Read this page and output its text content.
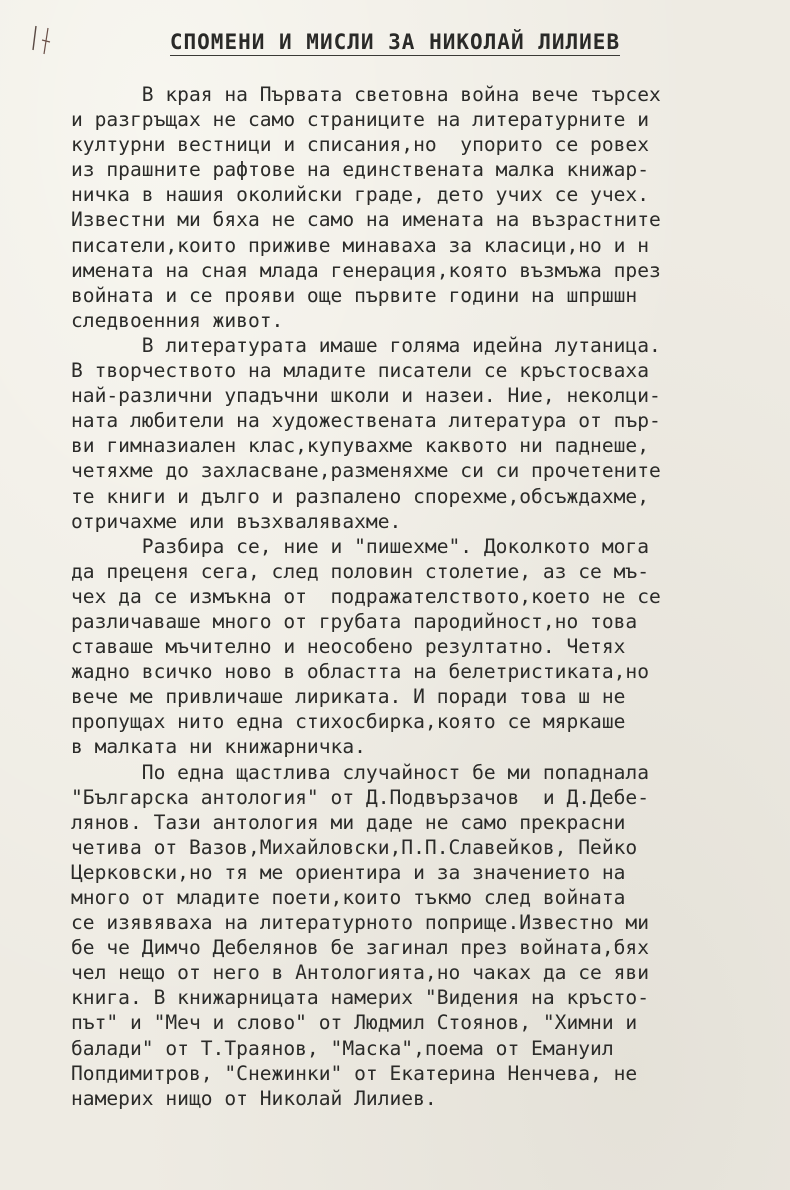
СПОМЕНИ И МИСЛИ ЗА НИКОЛАЙ ЛИЛИЕВ
В края на Първата световна война вече търсех
и разгръщах не само страниците на литературните и
културни вестници и списания,но  упорито се ровех
из прашните рафтове на единствената малка книжар-
ничка в нашия околийски граде, дето учих се учех.
Известни ми бяха не само на имената на възрастните
писатели,които приживе минаваха за класици,но и н
имената на сная млада генерация,която възмъжа през
войната и се прояви още първите години на шпршшн
следвоенния живот.
В литературата имаше голяма идейна лутаница.
В творчеството на младите писатели се кръстосваха
най-различни упадъчни школи и назеи. Ние, неколци-
ната любители на художествената литература от пър-
ви гимназиален клас,купувахме каквото ни паднеше,
четяхме до захласване,разменяхме си си прочетените
те книги и дълго и разпалено спорехме,обсъждахме,
отричахме или възхвалявахме.
Разбира се, ние и "пишехме". Доколкото мога
да преценя сега, след половин столетие, аз се мъ-
чех да се измъкна от  подражателството,което не се
различаваше много от грубата пародийност,но това
ставаше мъчително и неособено резултатно. Четях
жадно всичко ново в областта на белетристиката,но
вече ме привличаше лириката. И поради това ш не
пропущах нито една стихосбирка,която се мяркаше
в малката ни книжарничка.
По една щастлива случайност бе ми попаднала
"Българска антология" от Д.Подвързачов  и Д.Дебе-
лянов. Тази антология ми даде не само прекрасни
четива от Вазов,Михайловски,П.П.Славейков, Пейко
Церковски,но тя ме ориентира и за значението на
много от младите поети,които тъкмо след войната
се изявяваха на литературното поприще.Известно ми
бе че Димчо Дебелянов бе загинал през войната,бях
чел нещо от него в Антологията,но чаках да се яви
книга. В книжарницата намерих "Видения на кръсто-
път" и "Меч и слово" от Людмил Стоянов, "Химни и
балади" от Т.Траянов, "Маска",поема от Емануил
Попдимитров, "Снежинки" от Екатерина Ненчева, не
намерих нищо от Николай Лилиев.
